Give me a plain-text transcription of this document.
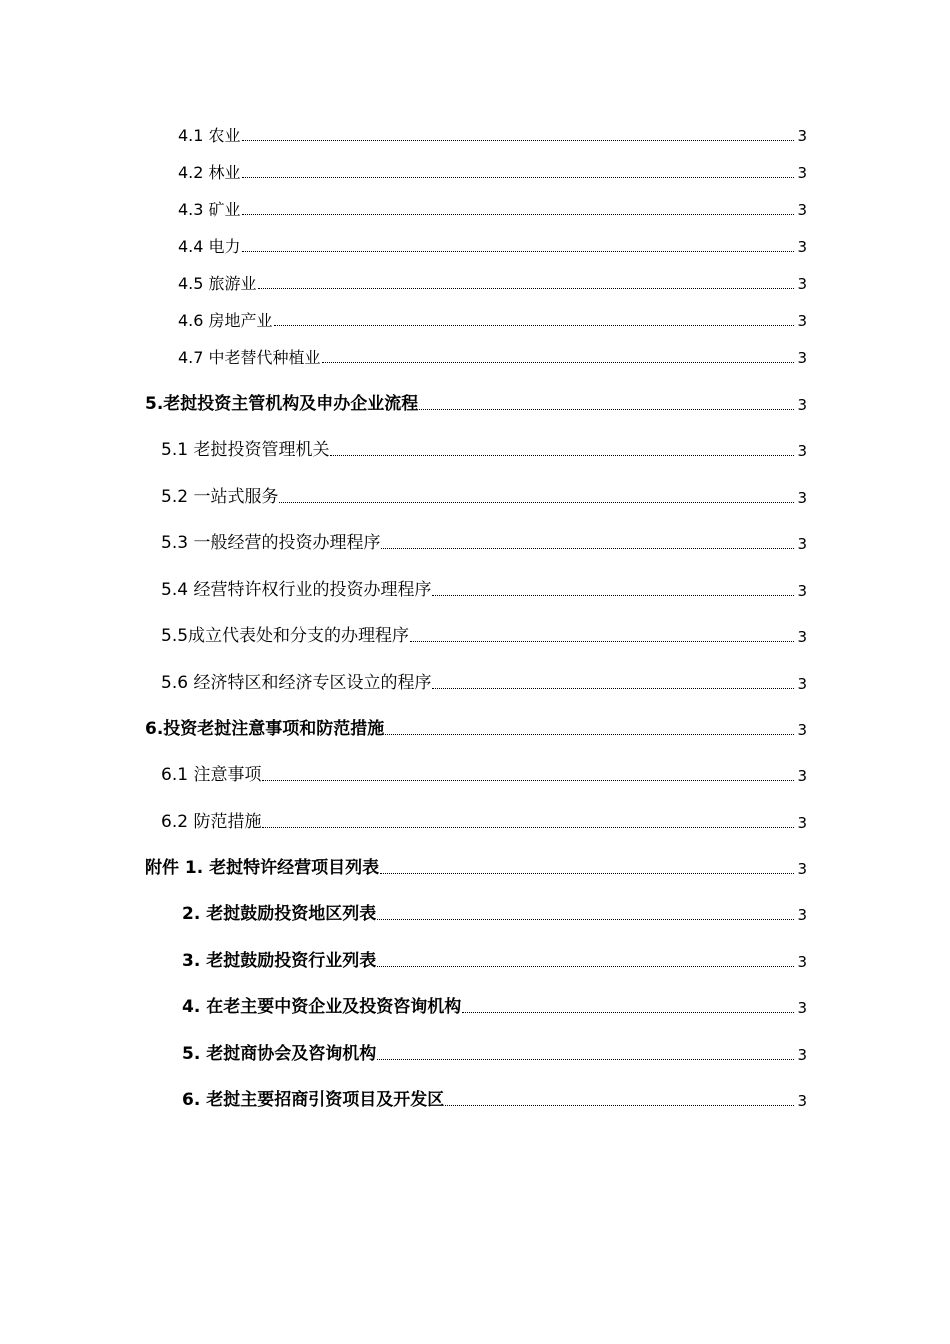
4.1 农业	3
4.2 林业	3
4.3 矿业	3
4.4 电力	3
4.5 旅游业	3
4.6 房地产业	3
4.7 中老替代种植业	3
5.老挝投资主管机构及申办企业流程	3
5.1 老挝投资管理机关	3
5.2 一站式服务	3
5.3 一般经营的投资办理程序	3
5.4 经营特许权行业的投资办理程序	3
5.5成立代表处和分支的办理程序	3
5.6 经济特区和经济专区设立的程序	3
6.投资老挝注意事项和防范措施	3
6.1 注意事项	3
6.2 防范措施	3
附件 1. 老挝特许经营项目列表	3
2. 老挝鼓励投资地区列表	3
3. 老挝鼓励投资行业列表	3
4. 在老主要中资企业及投资咨询机构	3
5. 老挝商协会及咨询机构	3
6. 老挝主要招商引资项目及开发区	3
